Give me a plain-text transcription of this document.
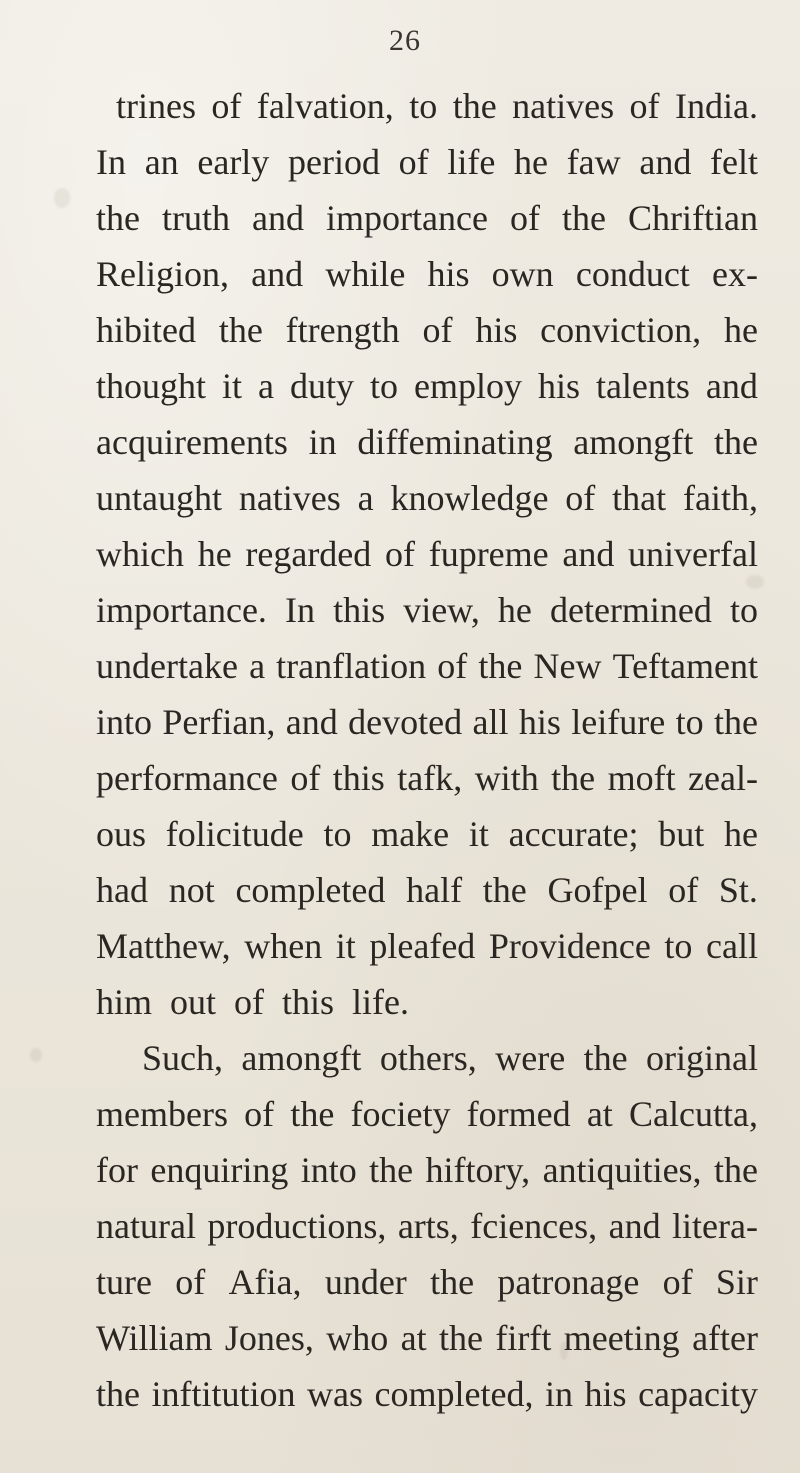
26
trines of falvation, to the natives of India.
In an early period of life he faw and felt
the truth and importance of the Chriftian
Religion, and while his own conduct ex-
hibited the ftrength of his conviction, he
thought it a duty to employ his talents and
acquirements in diffeminating amongft the
untaught natives a knowledge of that faith,
which he regarded of fupreme and univerfal
importance. In this view, he determined to
undertake a tranflation of the New Teftament
into Perfian, and devoted all his leifure to the
performance of this tafk, with the moft zeal-
ous folicitude to make it accurate; but he
had not completed half the Gofpel of St.
Matthew, when it pleafed Providence to call
him out of this life.
Such, amongft others, were the original
members of the fociety formed at Calcutta,
for enquiring into the hiftory, antiquities, the
natural productions, arts, fciences, and litera-
ture of Afia, under the patronage of Sir
William Jones, who at the firft meeting after
the inftitution was completed, in his capacity
